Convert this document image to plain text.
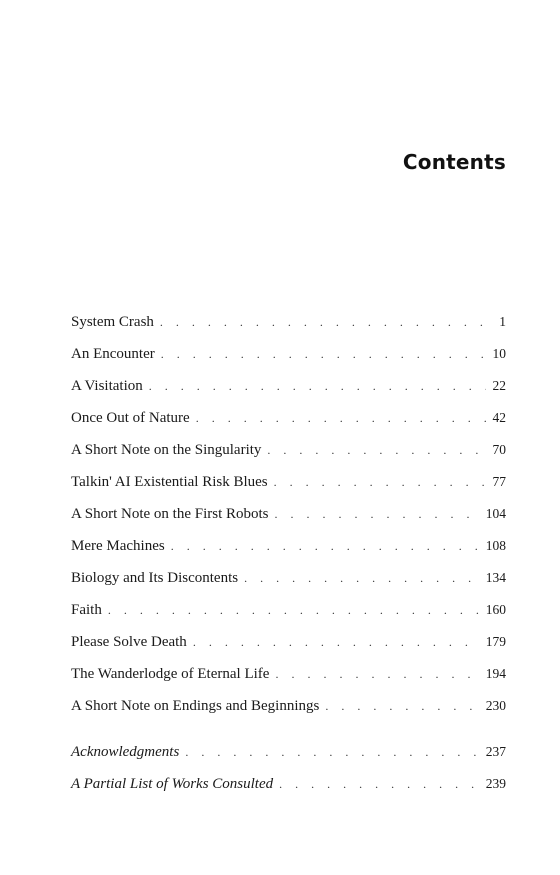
Contents
System Crash . . .	1
An Encounter . . .	10
A Visitation . . .	22
Once Out of Nature . . .	42
A Short Note on the Singularity . . .	70
Talkin' AI Existential Risk Blues . . .	77
A Short Note on the First Robots . . .	104
Mere Machines . . .	108
Biology and Its Discontents . . .	134
Faith . . .	160
Please Solve Death . . .	179
The Wanderlodge of Eternal Life . . .	194
A Short Note on Endings and Beginnings . . .	230
Acknowledgments . . .	237
A Partial List of Works Consulted . . .	239
